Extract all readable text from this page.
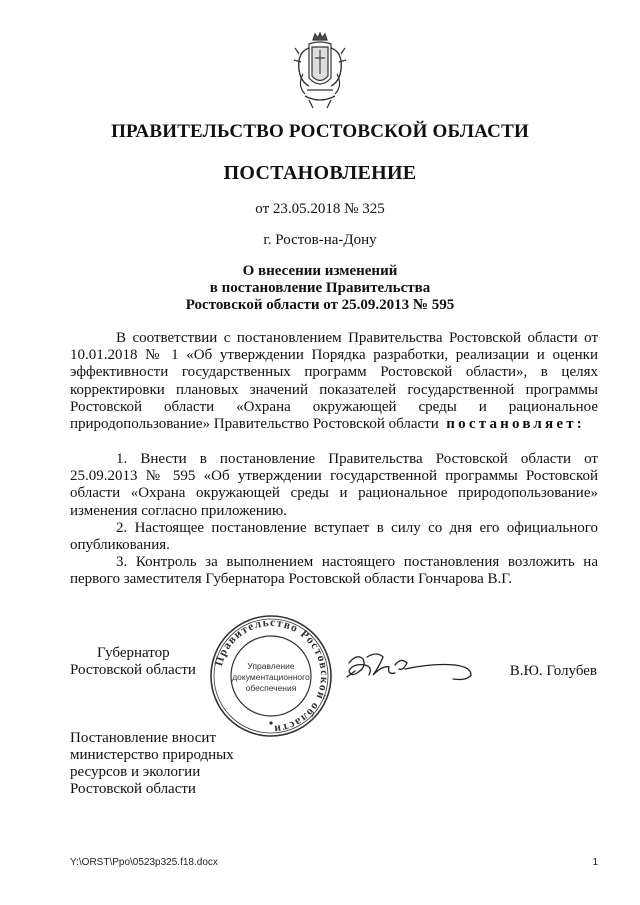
ПРАВИТЕЛЬСТВО РОСТОВСКОЙ ОБЛАСТИ
ПОСТАНОВЛЕНИЕ
от 23.05.2018 № 325
г. Ростов-на-Дону
О внесении изменений
в постановление Правительства
Ростовской области от 25.09.2013 № 595

В соответствии с постановлением Правительства Ростовской области от 10.01.2018 № 1 «Об утверждении Порядка разработки, реализации и оценки эффективности государственных программ Ростовской области», в целях корректировки плановых значений показателей государственной программы Ростовской области «Охрана окружающей среды и рациональное природопользование» Правительство Ростовской области постановляет:

1. Внести в постановление Правительства Ростовской области от 25.09.2013 № 595 «Об утверждении государственной программы Ростовской области «Охрана окружающей среды и рациональное природопользование» изменения согласно приложению.

2. Настоящее постановление вступает в силу со дня его официального опубликования.

3. Контроль за выполнением настоящего постановления возложить на первого заместителя Губернатора Ростовской области Гончарова В.Г.

Губернатор
Ростовской области
Правительство Ростовской области
Управление
документационного
обеспечения
В.Ю. Голубев
Постановление вносит
министерство природных
ресурсов и экологии
Ростовской области
Y:\ORST\Ppo\0523p325.f18.docx	1
